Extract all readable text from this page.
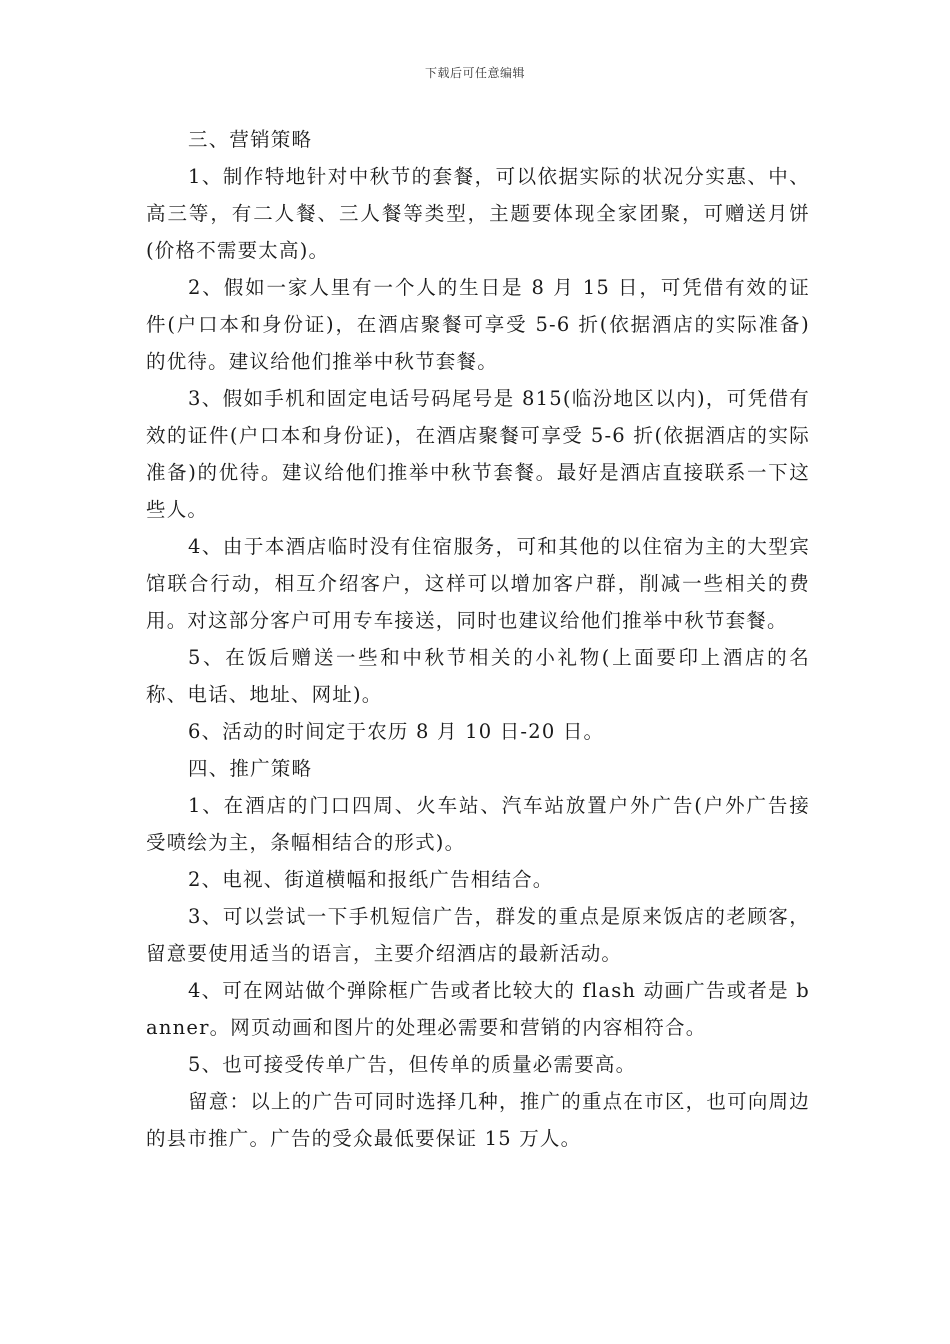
下载后可任意编辑

三、营销策略

1、制作特地针对中秋节的套餐，可以依据实际的状况分实惠、中、高三等，有二人餐、三人餐等类型，主题要体现全家团聚，可赠送月饼(价格不需要太高)。

2、假如一家人里有一个人的生日是 8 月 15 日，可凭借有效的证件(户口本和身份证)，在酒店聚餐可享受 5-6 折(依据酒店的实际准备)的优待。建议给他们推举中秋节套餐。

3、假如手机和固定电话号码尾号是 815(临汾地区以内)，可凭借有效的证件(户口本和身份证)，在酒店聚餐可享受 5-6 折(依据酒店的实际准备)的优待。建议给他们推举中秋节套餐。最好是酒店直接联系一下这些人。

4、由于本酒店临时没有住宿服务，可和其他的以住宿为主的大型宾馆联合行动，相互介绍客户，这样可以增加客户群，削减一些相关的费用。对这部分客户可用专车接送，同时也建议给他们推举中秋节套餐。

5、在饭后赠送一些和中秋节相关的小礼物(上面要印上酒店的名称、电话、地址、网址)。

6、活动的时间定于农历 8 月 10 日-20 日。

四、推广策略

1、在酒店的门口四周、火车站、汽车站放置户外广告(户外广告接受喷绘为主，条幅相结合的形式)。

2、电视、街道横幅和报纸广告相结合。

3、可以尝试一下手机短信广告，群发的重点是原来饭店的老顾客，留意要使用适当的语言，主要介绍酒店的最新活动。

4、可在网站做个弹除框广告或者比较大的 flash 动画广告或者是 banner。网页动画和图片的处理必需要和营销的内容相符合。

5、也可接受传单广告，但传单的质量必需要高。

留意：以上的广告可同时选择几种，推广的重点在市区，也可向周边的县市推广。广告的受众最低要保证 15 万人。
